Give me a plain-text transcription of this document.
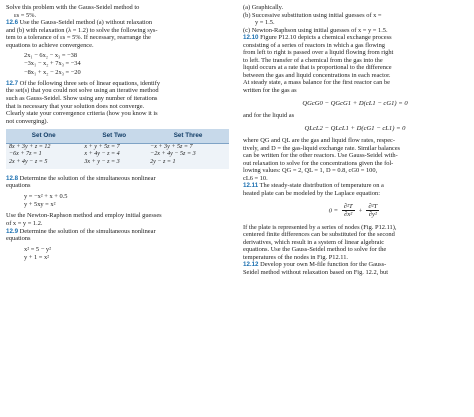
Solve this problem with the Gauss-Seidel method to

εs = 5%.

12.6 Use the Gauss-Seidel method (a) without relaxation

and (b) with relaxation (λ = 1.2) to solve the following sys-

tem to a tolerance of εs = 5%. If necessary, rearrange the

equations to achieve convergence.

2x₁ − 6x₂ − x₃ = −38
−3x₁ − x₂ + 7x₃ = −34
−8x₁ + x₂ − 2x₃ = −20

12.7 Of the following three sets of linear equations, identify

the set(s) that you could not solve using an iterative method

such as Gauss-Seidel. Show using any number of iterations

that is necessary that your solution does not converge.

Clearly state your convergence criteria (how you know it is

not converging).

Set One	Set Two	Set Three
8x + 3y + z = 12	x + y + 5z = 7	−x + 3y + 5z = 7
−6x + 7z = 1	x + 4y − z = 4	−2x + 4y − 5z = 3
2x + 4y − z = 5	3x + y − z = 3	2y − z = 1

12.8 Determine the solution of the simultaneous nonlinear

equations

y = −x² + x + 0.5
y + 5xy = x²

Use the Newton-Raphson method and employ initial guesses

of x = y = 1.2.

12.9 Determine the solution of the simultaneous nonlinear

equations

x² = 5 − y²
y + 1 = x²

(a) Graphically.

(b) Successive substitution using initial guesses of x =

y = 1.5.

(c) Newton-Raphson using initial guesses of x = y = 1.5.

12.10 Figure P12.10 depicts a chemical exchange process

consisting of a series of reactors in which a gas flowing

from left to right is passed over a liquid flowing from right

to left. The transfer of a chemical from the gas into the

liquid occurs at a rate that is proportional to the difference

between the gas and liquid concentrations in each reactor.

At steady state, a mass balance for the first reactor can be

written for the gas as

QGcG0 − QGcG1 + D(cL1 − cG1) = 0

and for the liquid as

QLcL2 − QLcL1 + D(cG1 − cL1) = 0

where QG and QL are the gas and liquid flow rates, respec-

tively, and D = the gas-liquid exchange rate. Similar balances

can be written for the other reactors. Use Gauss-Seidel with-

out relaxation to solve for the concentrations given the fol-

lowing values: QG = 2, QL = 1, D = 0.8, cG0 = 100,

cL6 = 10.

12.11 The steady-state distribution of temperature on a

heated plate can be modeled by the Laplace equation:

$0 = \frac{\text{∂²T}}{\text{∂x²}} + \frac{\text{∂²T}}{\text{∂y²}}$

If the plate is represented by a series of nodes (Fig. P12.11),

centered finite differences can be substituted for the second

derivatives, which result in a system of linear algebraic

equations. Use the Gauss-Seidel method to solve for the

temperatures of the nodes in Fig. P12.11.

12.12 Develop your own M-file function for the Gauss-

Seidel method without relaxation based on Fig. 12.2, but
